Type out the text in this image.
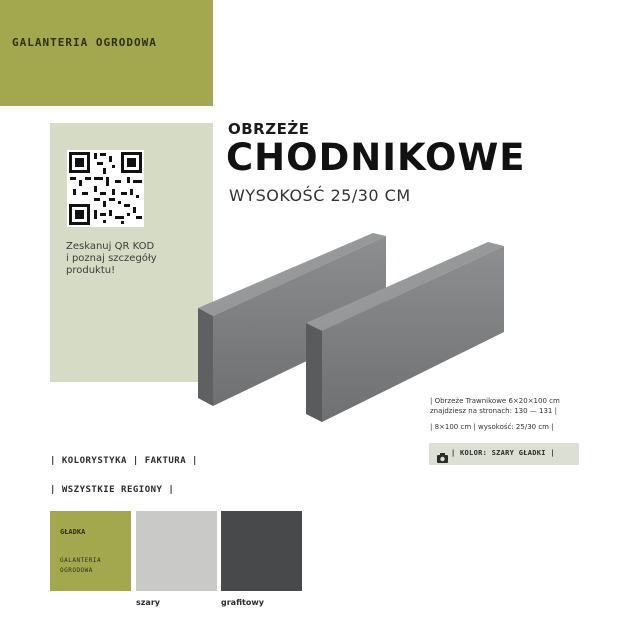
GALANTERIA OGRODOWA
Zeskanuj QR KOD
i poznaj szczegóły
produktu!
OBRZEŻE
CHODNIKOWE
WYSOKOŚĆ 25/30 CM
| Obrzeże Trawnikowe 6×20×100 cm
znajdziesz na stronach: 130 — 131 |
| 8×100 cm | wysokość: 25/30 cm |
| KOLOR: SZARY GŁADKI |
| KOLORYSTYKA | FAKTURA |
| WSZYSTKIE REGIONY |
GŁADKA
GALANTERIA OGRODOWA
szary	grafitowy
